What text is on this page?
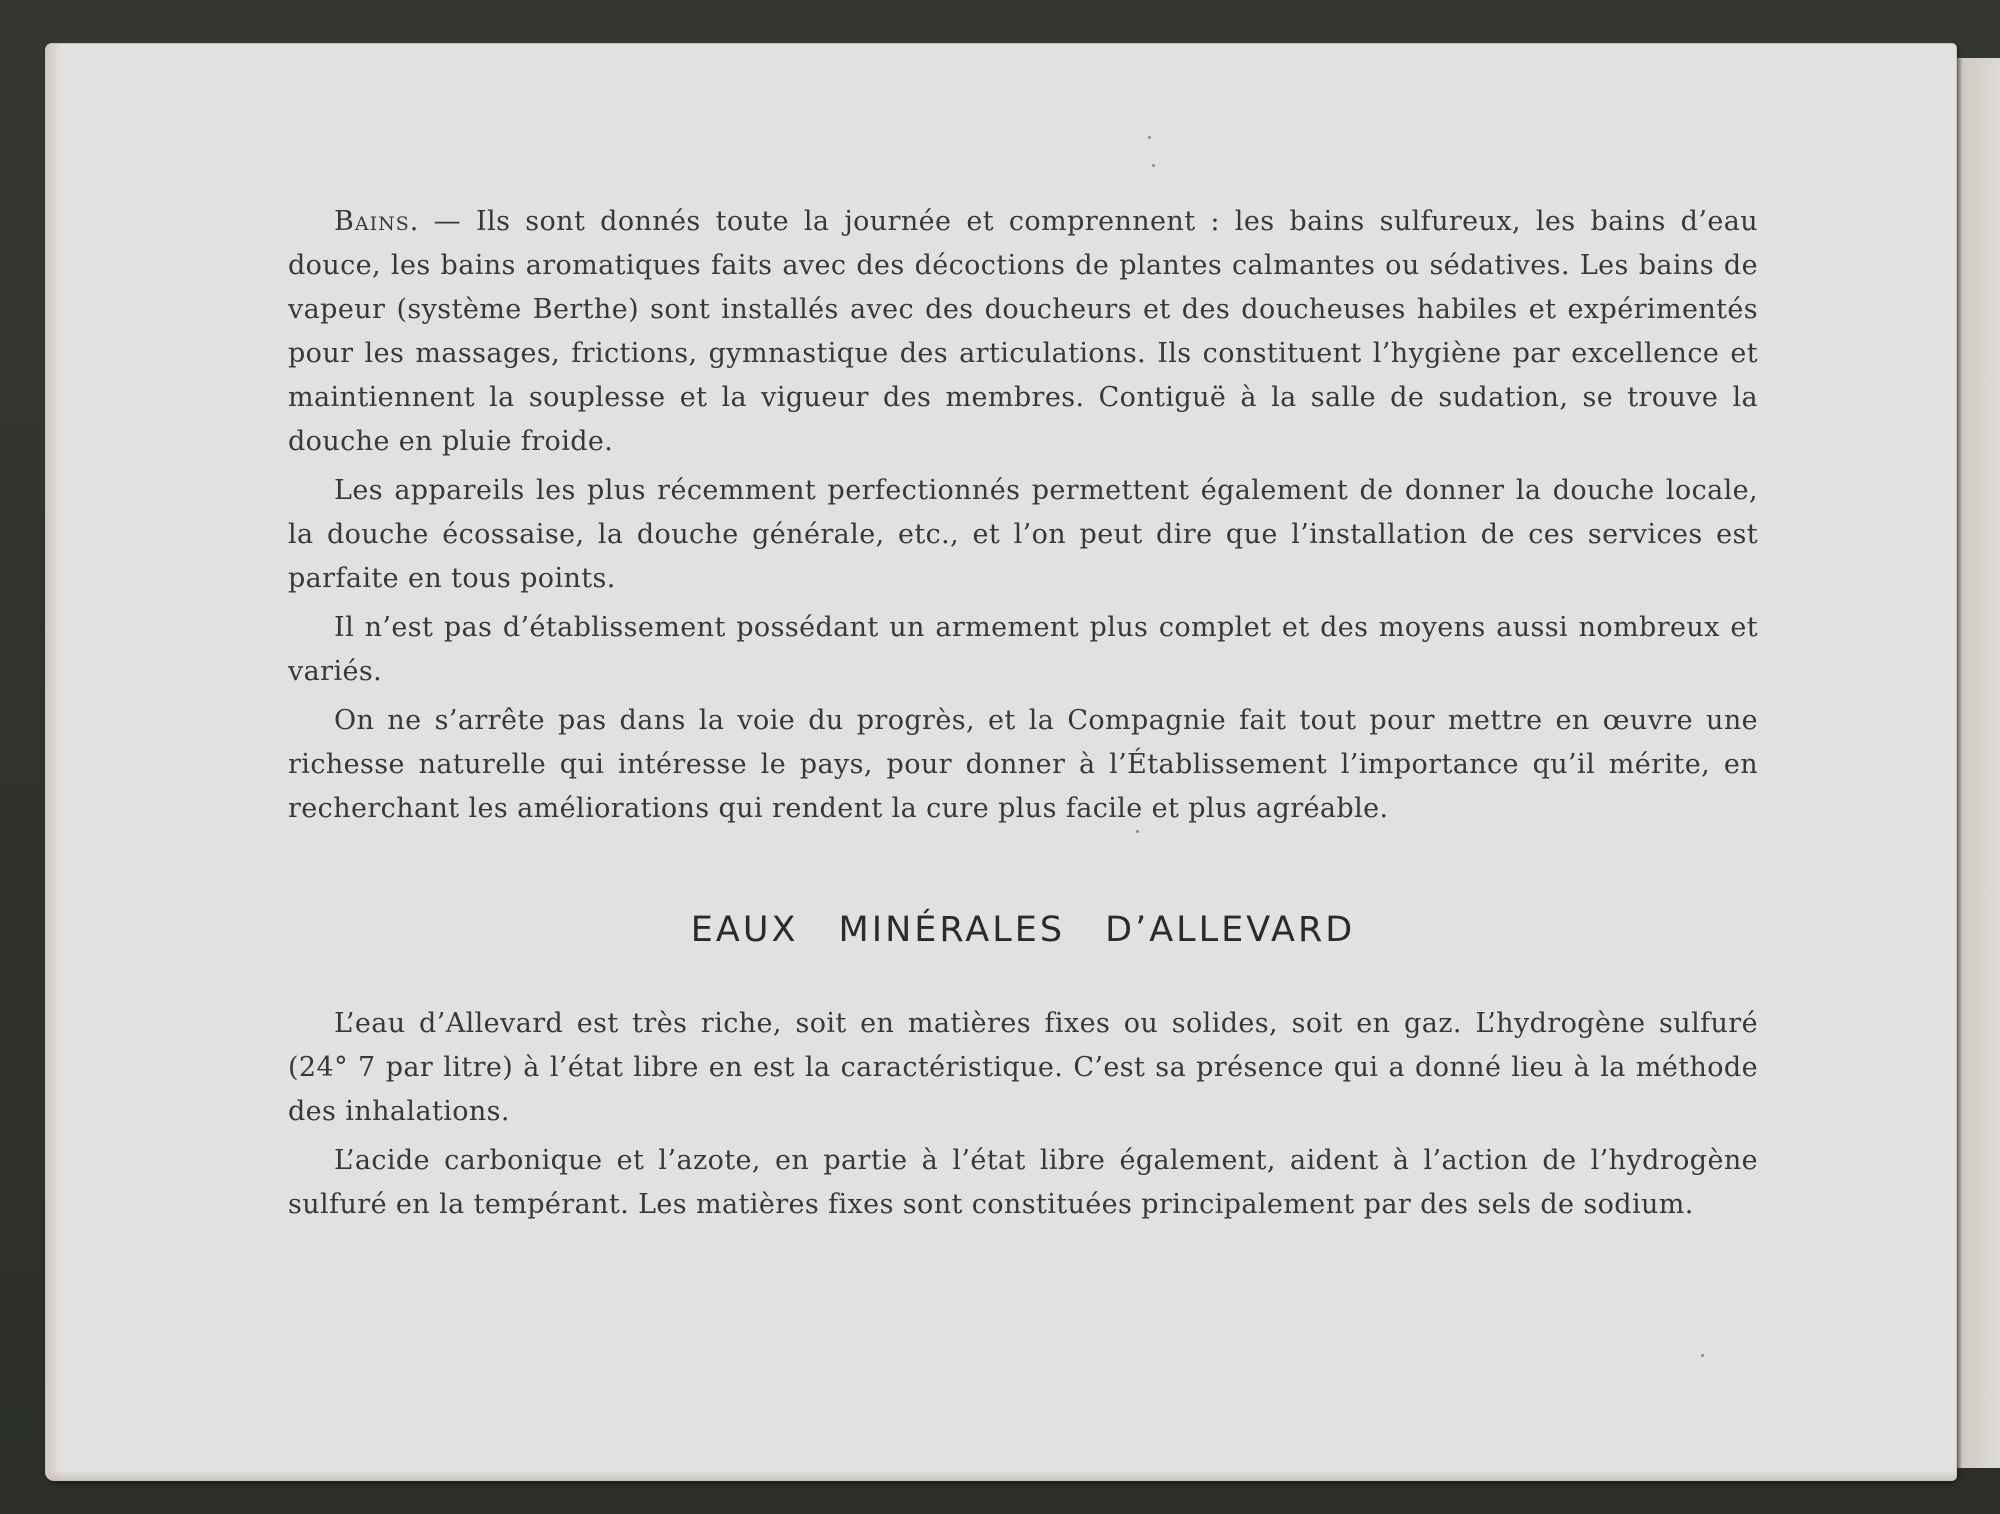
Bains. — Ils sont donnés toute la journée et comprennent : les bains sulfureux, les bains d’eau douce, les bains aromatiques faits avec des décoctions de plantes calmantes ou sédatives. Les bains de vapeur (système Berthe) sont installés avec des doucheurs et des doucheuses habiles et expérimentés pour les massages, frictions, gymnastique des articulations. Ils constituent l’hygiène par excellence et maintiennent la souplesse et la vigueur des membres. Contiguë à la salle de sudation, se trouve la douche en pluie froide.

Les appareils les plus récemment perfectionnés permettent également de donner la douche locale, la douche écossaise, la douche générale, etc., et l’on peut dire que l’installation de ces services est parfaite en tous points.

Il n’est pas d’établissement possédant un armement plus complet et des moyens aussi nombreux et variés.

On ne s’arrête pas dans la voie du progrès, et la Compagnie fait tout pour mettre en œuvre une richesse naturelle qui intéresse le pays, pour donner à l’Établissement l’importance qu’il mérite, en recherchant les améliorations qui rendent la cure plus facile et plus agréable.

EAUX MINÉRALES D’ALLEVARD

L’eau d’Allevard est très riche, soit en matières fixes ou solides, soit en gaz. L’hydrogène sulfuré (24° 7 par litre) à l’état libre en est la caractéristique. C’est sa présence qui a donné lieu à la méthode des inhalations.

L’acide carbonique et l’azote, en partie à l’état libre également, aident à l’action de l’hydrogène sulfuré en la tempérant. Les matières fixes sont constituées principalement par des sels de sodium.
